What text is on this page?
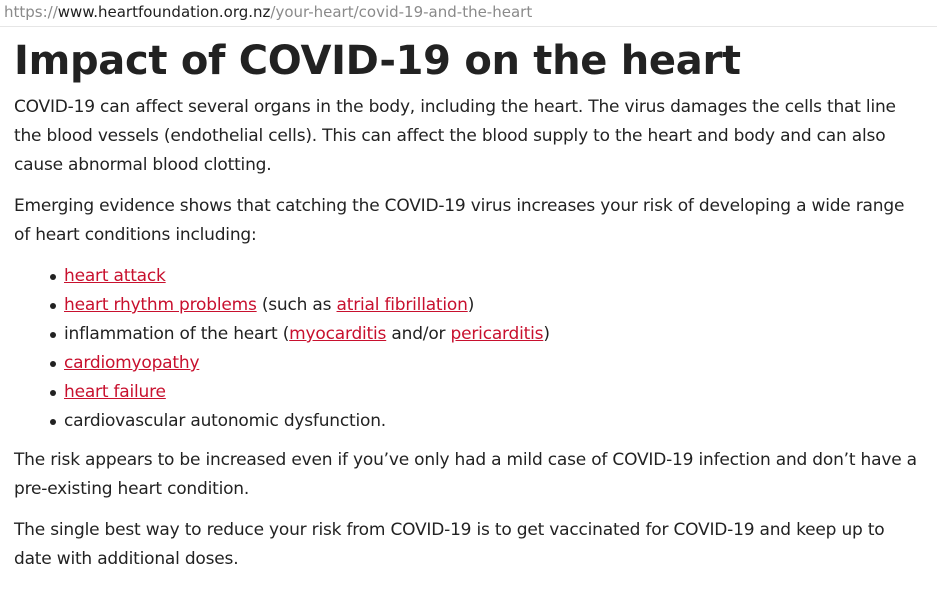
https://www.heartfoundation.org.nz/your-heart/covid-19-and-the-heart
Impact of COVID-19 on the heart

COVID-19 can affect several organs in the body, including the heart. The virus damages the cells that line the blood vessels (endothelial cells). This can affect the blood supply to the heart and body and can also cause abnormal blood clotting.

Emerging evidence shows that catching the COVID-19 virus increases your risk of developing a wide range of heart conditions including:

heart attack
heart rhythm problems (such as atrial fibrillation)
inflammation of the heart (myocarditis and/or pericarditis)
cardiomyopathy
heart failure
cardiovascular autonomic dysfunction.

The risk appears to be increased even if you’ve only had a mild case of COVID-19 infection and don’t have a pre-existing heart condition.

The single best way to reduce your risk from COVID-19 is to get vaccinated for COVID-19 and keep up to date with additional doses.
